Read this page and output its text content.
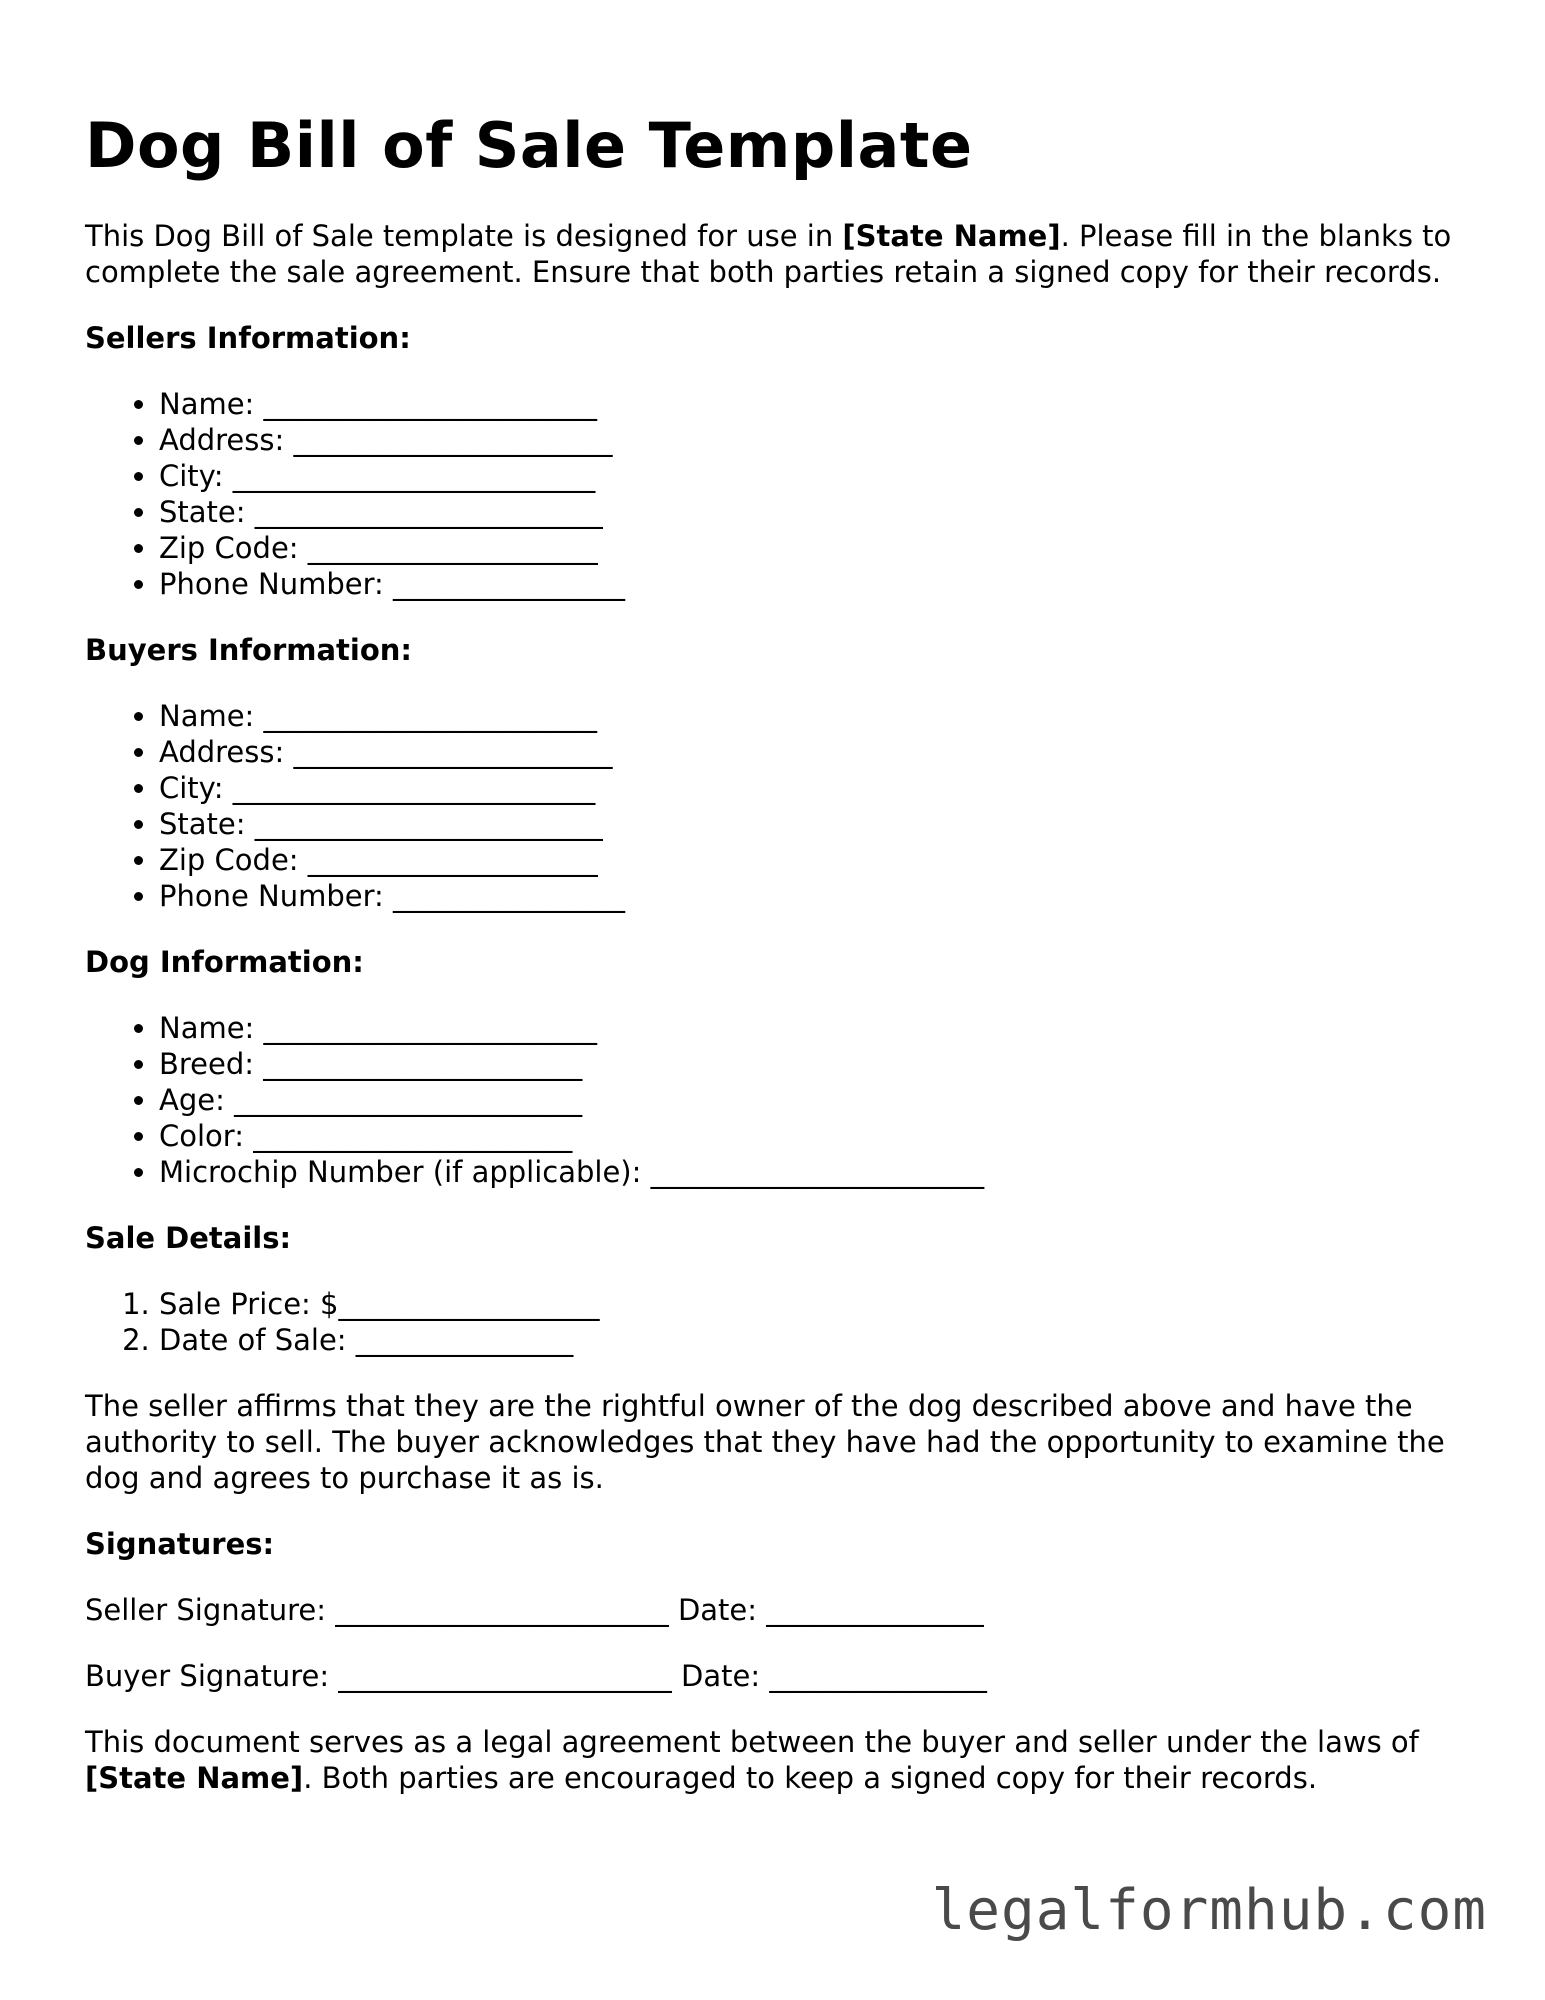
Dog Bill of Sale Template

This Dog Bill of Sale template is designed for use in [State Name]. Please fill in the blanks to complete the sale agreement. Ensure that both parties retain a signed copy for their records.

Sellers Information:
• Name: _______________________
• Address: ______________________
• City: _________________________
• State: ________________________
• Zip Code: ____________________
• Phone Number: ________________
Buyers Information:
• Name: _______________________
• Address: ______________________
• City: _________________________
• State: ________________________
• Zip Code: ____________________
• Phone Number: ________________
Dog Information:
• Name: _______________________
• Breed: ______________________
• Age: ________________________
• Color: ______________________
• Microchip Number (if applicable): _______________________
Sale Details:
1. Sale Price: $__________________
2. Date of Sale: _______________

The seller affirms that they are the rightful owner of the dog described above and have the authority to sell. The buyer acknowledges that they have had the opportunity to examine the dog and agrees to purchase it as is.

Signatures:
Seller Signature: _______________________ Date: _______________
Buyer Signature: _______________________ Date: _______________

This document serves as a legal agreement between the buyer and seller under the laws of [State Name]. Both parties are encouraged to keep a signed copy for their records.

legalformhub.com
